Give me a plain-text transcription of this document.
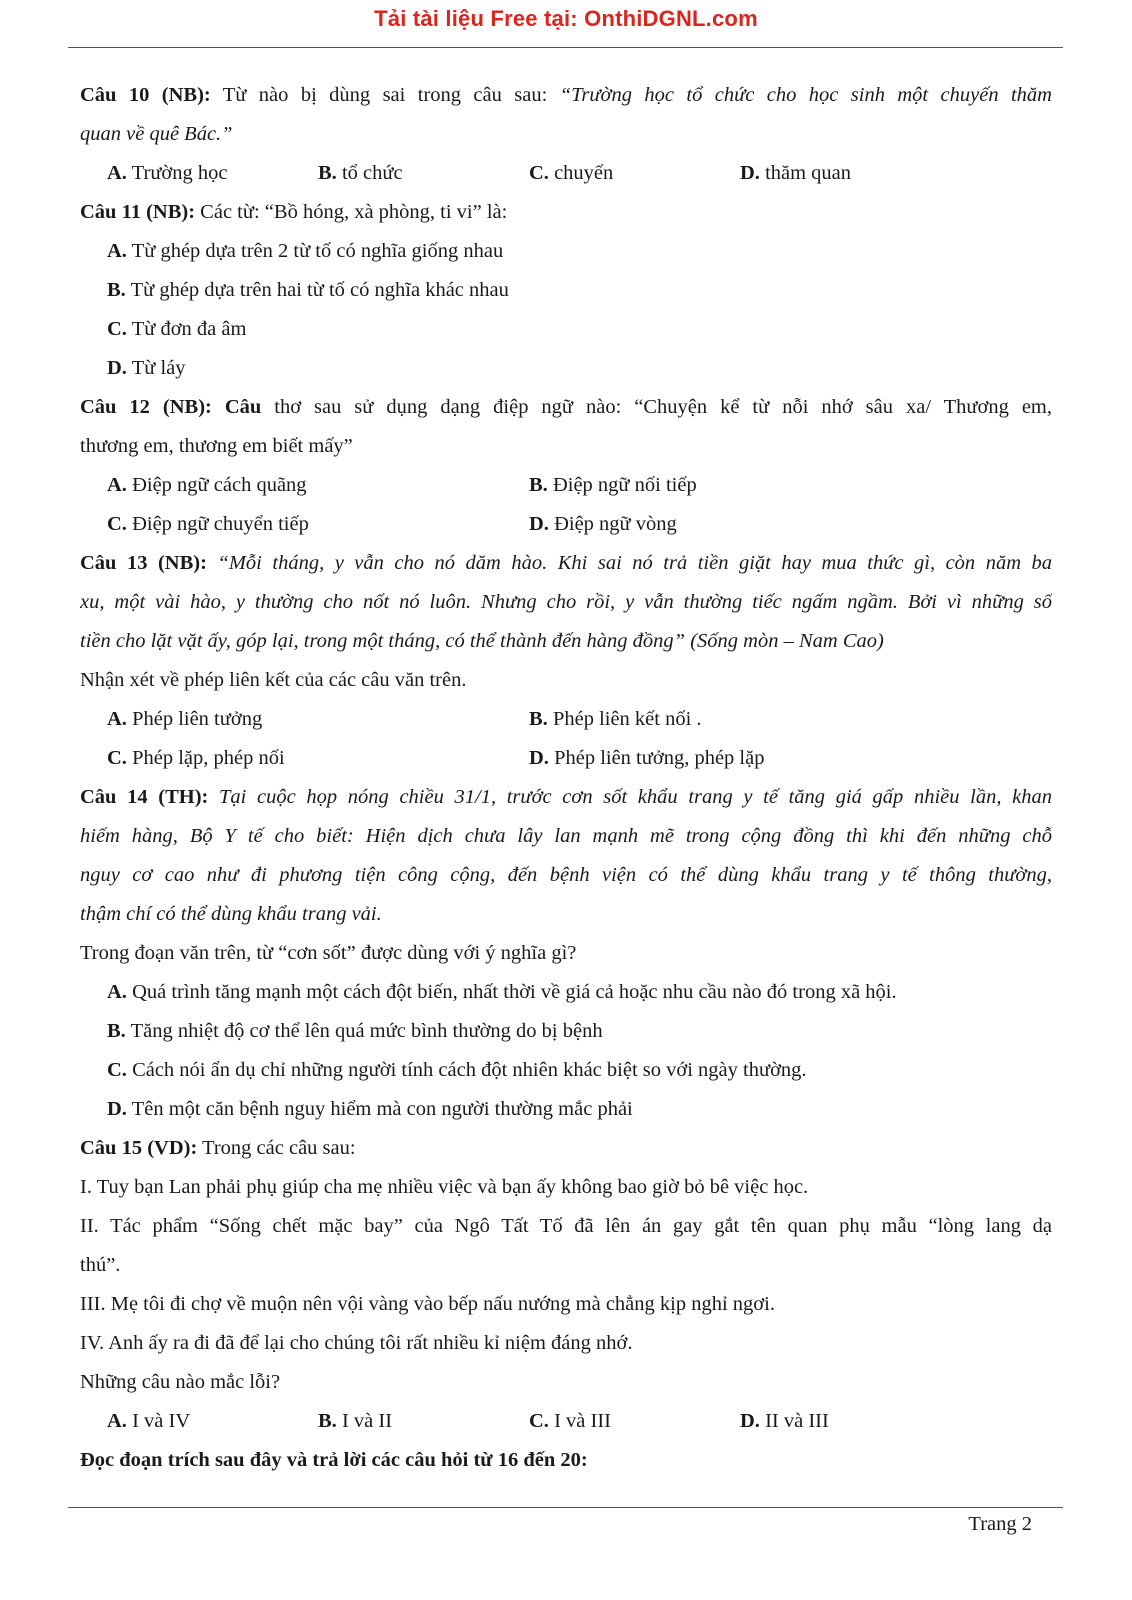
Tải tài liệu Free tại: OnthiDGNL.com
Câu 10 (NB): Từ nào bị dùng sai trong câu sau: “Trường học tổ chức cho học sinh một chuyến thăm
quan về quê Bác.”
A. Trường học	B. tổ chức	C. chuyến	D. thăm quan
Câu 11 (NB): Các từ: “Bồ hóng, xà phòng, ti vi” là:
A. Từ ghép dựa trên 2 từ tố có nghĩa giống nhau
B. Từ ghép dựa trên hai từ tố có nghĩa khác nhau
C. Từ đơn đa âm
D. Từ láy
Câu 12 (NB): Câu thơ sau sử dụng dạng điệp ngữ nào: “Chuyện kể từ nỗi nhớ sâu xa/ Thương em,
thương em, thương em biết mấy”
A. Điệp ngữ cách quãng	B. Điệp ngữ nối tiếp
C. Điệp ngữ chuyển tiếp	D. Điệp ngữ vòng
Câu 13 (NB): “Mỗi tháng, y vẫn cho nó dăm hào. Khi sai nó trả tiền giặt hay mua thức gì, còn năm ba
xu, một vài hào, y thường cho nốt nó luôn. Nhưng cho rồi, y vẫn thường tiếc ngấm ngầm. Bởi vì những số
tiền cho lặt vặt ấy, góp lại, trong một tháng, có thể thành đến hàng đồng” (Sống mòn – Nam Cao)
Nhận xét về phép liên kết của các câu văn trên.
A. Phép liên tưởng	B. Phép liên kết nối .
C. Phép lặp, phép nối	D. Phép liên tưởng, phép lặp
Câu 14 (TH): Tại cuộc họp nóng chiều 31/1, trước cơn sốt khẩu trang y tế tăng giá gấp nhiều lần, khan
hiếm hàng, Bộ Y tế cho biết: Hiện dịch chưa lây lan mạnh mẽ trong cộng đồng thì khi đến những chỗ
nguy cơ cao như đi phương tiện công cộng, đến bệnh viện có thể dùng khẩu trang y tế thông thường,
thậm chí có thể dùng khẩu trang vải.
Trong đoạn văn trên, từ “cơn sốt” được dùng với ý nghĩa gì?
A. Quá trình tăng mạnh một cách đột biến, nhất thời về giá cả hoặc nhu cầu nào đó trong xã hội.
B. Tăng nhiệt độ cơ thể lên quá mức bình thường do bị bệnh
C. Cách nói ẩn dụ chỉ những người tính cách đột nhiên khác biệt so với ngày thường.
D. Tên một căn bệnh nguy hiểm mà con người thường mắc phải
Câu 15 (VD): Trong các câu sau:
I. Tuy bạn Lan phải phụ giúp cha mẹ nhiều việc và bạn ấy không bao giờ bỏ bê việc học.
II. Tác phẩm “Sống chết mặc bay” của Ngô Tất Tố đã lên án gay gắt tên quan phụ mẫu “lòng lang dạ
thú”.
III. Mẹ tôi đi chợ về muộn nên vội vàng vào bếp nấu nướng mà chẳng kịp nghỉ ngơi.
IV. Anh ấy ra đi đã để lại cho chúng tôi rất nhiều kỉ niệm đáng nhớ.
Những câu nào mắc lỗi?
A. I và IV	B. I và II	C. I và III	D. II và III
Đọc đoạn trích sau đây và trả lời các câu hỏi từ 16 đến 20:
Trang 2
